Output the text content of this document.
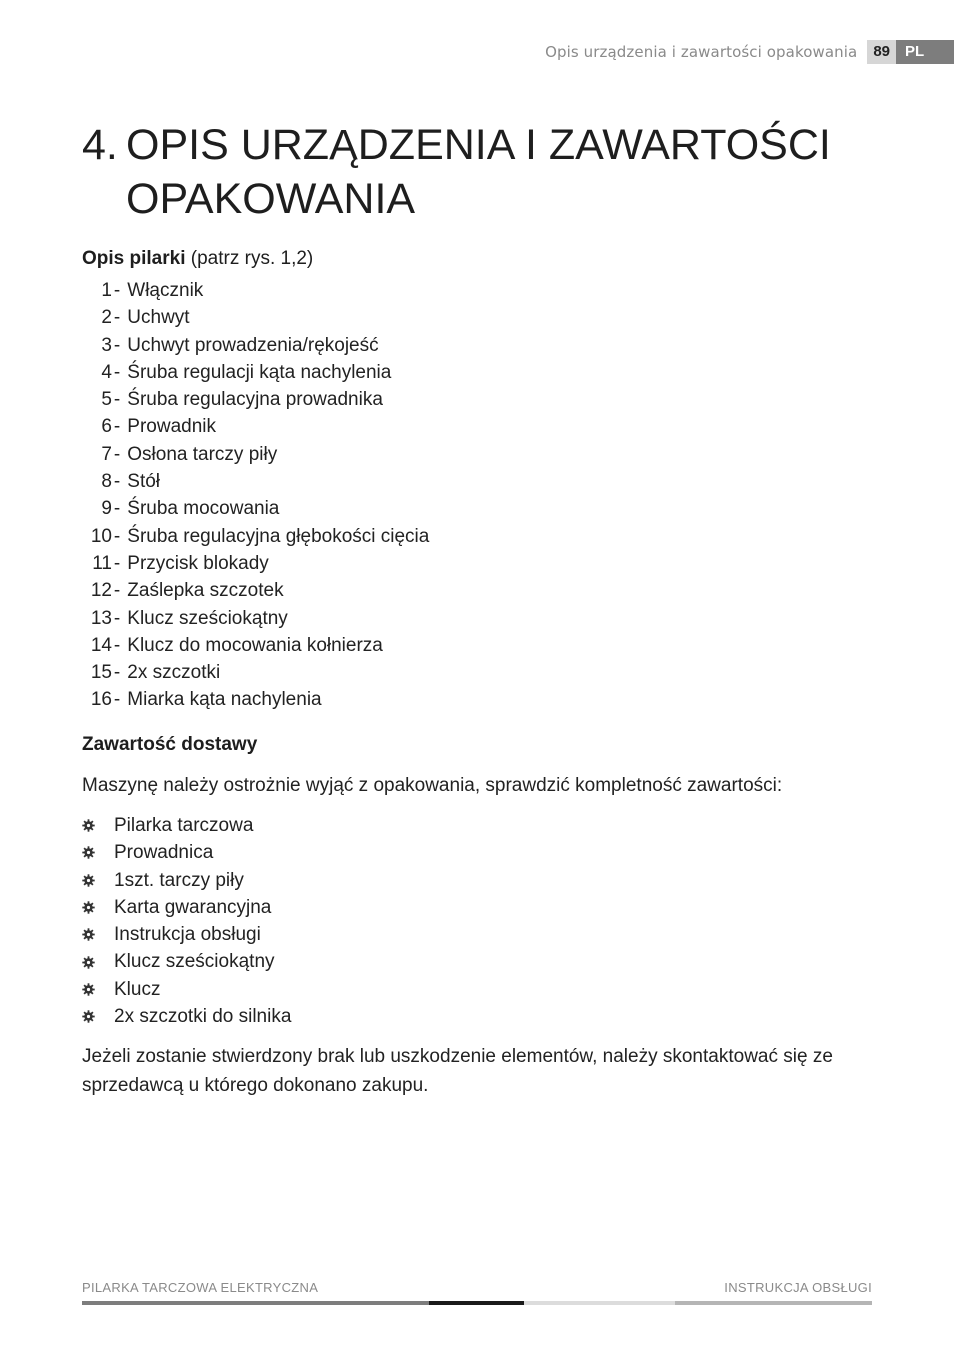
Opis urządzenia i zawartości opakowania	89	PL
4. OPIS URZĄDZENIA I ZAWARTOŚCI
OPAKOWANIA

Opis pilarki (patrz rys. 1,2)

1- Włącznik
2- Uchwyt
3- Uchwyt prowadzenia/rękojeść
4- Śruba regulacji kąta nachylenia
5- Śruba regulacyjna prowadnika
6- Prowadnik
7- Osłona tarczy piły
8- Stół
9- Śruba mocowania
10- Śruba regulacyjna głębokości cięcia
11- Przycisk blokady
12- Zaślepka szczotek
13- Klucz sześciokątny
14- Klucz do mocowania kołnierza
15- 2x szczotki
16- Miarka kąta nachylenia

Zawartość dostawy

Maszynę należy ostrożnie wyjąć z opakowania, sprawdzić kompletność zawartości:

Pilarka tarczowa
Prowadnica
1szt. tarczy piły
Karta gwarancyjna
Instrukcja obsługi
Klucz sześciokątny
Klucz
2x szczotki do silnika

Jeżeli zostanie stwierdzony brak lub uszkodzenie elementów, należy skontaktować się ze sprzedawcą u którego dokonano zakupu.

PILARKA TARCZOWA ELEKTRYCZNA	INSTRUKCJA OBSŁUGI
